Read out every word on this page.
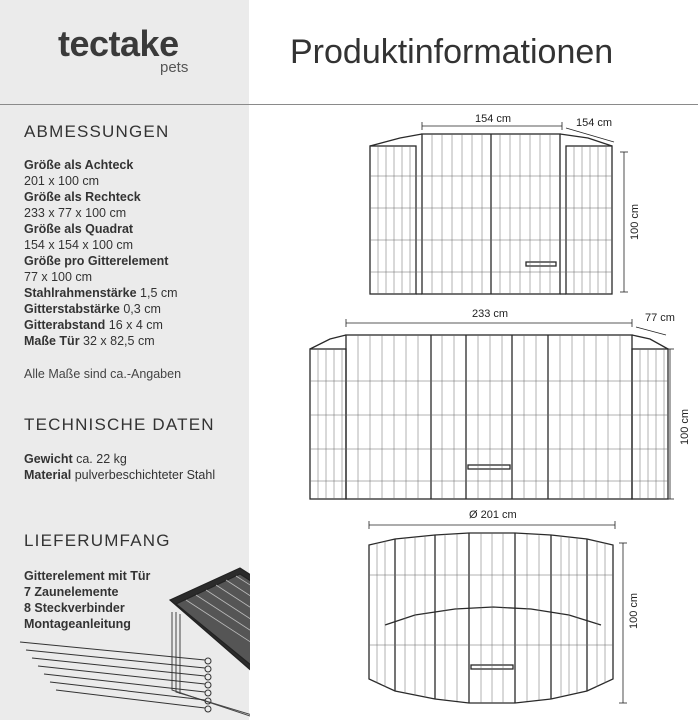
tectake
pets	Produktinformationen
ABMESSUNGEN
Größe als Achteck
201 x 100 cm
Größe als Rechteck
233 x 77 x 100 cm
Größe als Quadrat
154 x 154 x 100 cm
Größe pro Gitterelement
77 x 100 cm
Stahlrahmenstärke 1,5 cm
Gitterstabstärke 0,3 cm
Gitterabstand 16 x 4 cm
Maße Tür 32 x 82,5 cm
Alle Maße sind ca.-Angaben
TECHNISCHE DATEN
Gewicht ca. 22 kg
Material pulverbeschichteter Stahl
LIEFERUMFANG
Gitterelement mit Tür
7 Zaunelemente
8 Steckverbinder
Montageanleitung
154 cm	154 cm
100 cm
233 cm	77 cm
100 cm
Ø 201 cm
100 cm
